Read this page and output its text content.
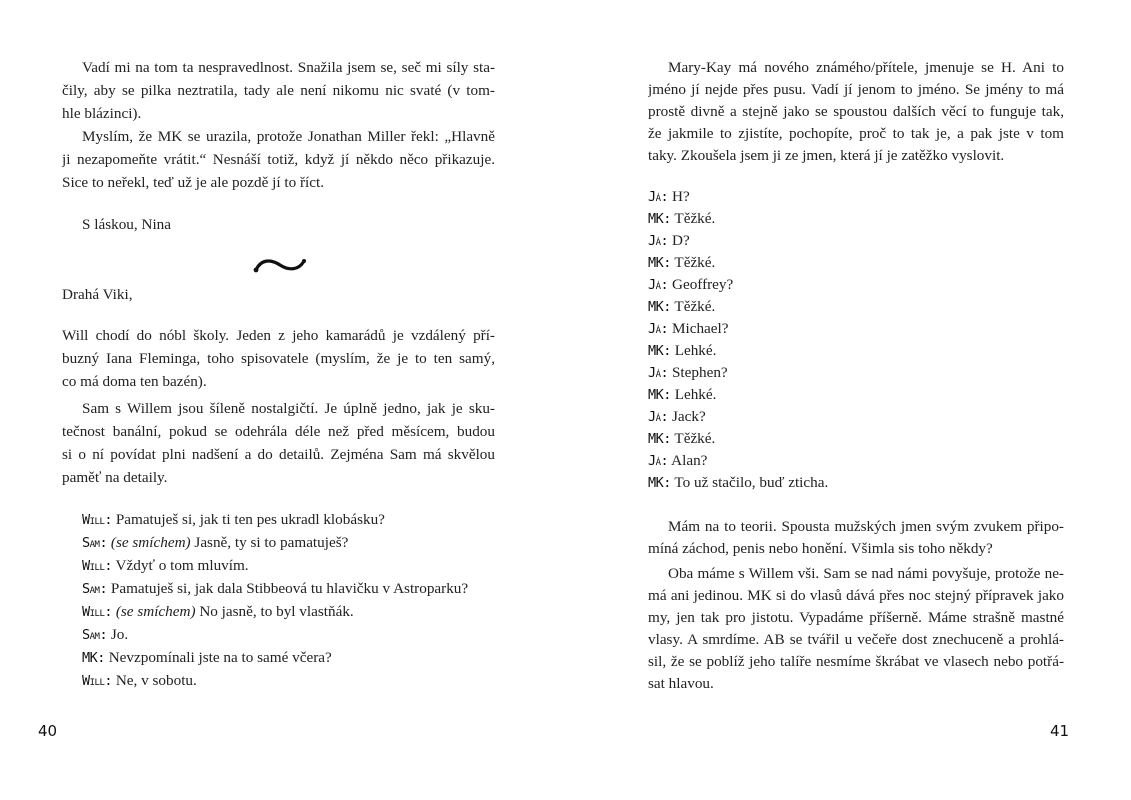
Vadí mi na tom ta nespravedlnost. Snažila jsem se, seč mi síly sta-
čily, aby se pilka neztratila, tady ale není nikomu nic svaté (v tom-
hle blázinci).
Myslím, že MK se urazila, protože Jonathan Miller řekl: „Hlavně
ji nezapomeňte vrátit.“ Nesnáší totiž, když jí někdo něco přikazuje.
Sice to neřekl, teď už je ale pozdě jí to říct.
S láskou, Nina
Drahá Viki,
Will chodí do nóbl školy. Jeden z jeho kamarádů je vzdálený pří-
buzný Iana Fleminga, toho spisovatele (myslím, že je to ten samý,
co má doma ten bazén).
Sam s Willem jsou šíleně nostalgičtí. Je úplně jedno, jak je sku-
tečnost banální, pokud se odehrála déle než před měsícem, budou
si o ní povídat plni nadšení a do detailů. Zejména Sam má skvělou
paměť na detaily.
Will: Pamatuješ si, jak ti ten pes ukradl klobásku?
Sam: (se smíchem) Jasně, ty si to pamatuješ?
Will: Vždyť o tom mluvím.
Sam: Pamatuješ si, jak dala Stibbeová tu hlavičku v Astroparku?
Will: (se smíchem) No jasně, to byl vlastňák.
Sam: Jo.
MK: Nevzpomínali jste na to samé včera?
Will: Ne, v sobotu.
40
Mary-Kay má nového známého/přítele, jmenuje se H. Ani to
jméno jí nejde přes pusu. Vadí jí jenom to jméno. Se jmény to má
prostě divně a stejně jako se spoustou dalších věcí to funguje tak,
že jakmile to zjistíte, pochopíte, proč to tak je, a pak jste v tom
taky. Zkoušela jsem ji ze jmen, která jí je zatěžko vyslovit.
Já: H?
MK: Těžké.
Já: D?
MK: Těžké.
Já: Geoffrey?
MK: Těžké.
Já: Michael?
MK: Lehké.
Já: Stephen?
MK: Lehké.
Já: Jack?
MK: Těžké.
Já: Alan?
MK: To už stačilo, buď zticha.
Mám na to teorii. Spousta mužských jmen svým zvukem připo-
míná záchod, penis nebo honění. Všimla sis toho někdy?
Oba máme s Willem vši. Sam se nad námi povyšuje, protože ne-
má ani jedinou. MK si do vlasů dává přes noc stejný přípravek jako
my, jen tak pro jistotu. Vypadáme příšerně. Máme strašně mastné
vlasy. A smrdíme. AB se tvářil u večeře dost znechuceně a prohlá-
sil, že se poblíž jeho talíře nesmíme škrábat ve vlasech nebo potřá-
sat hlavou.
41
